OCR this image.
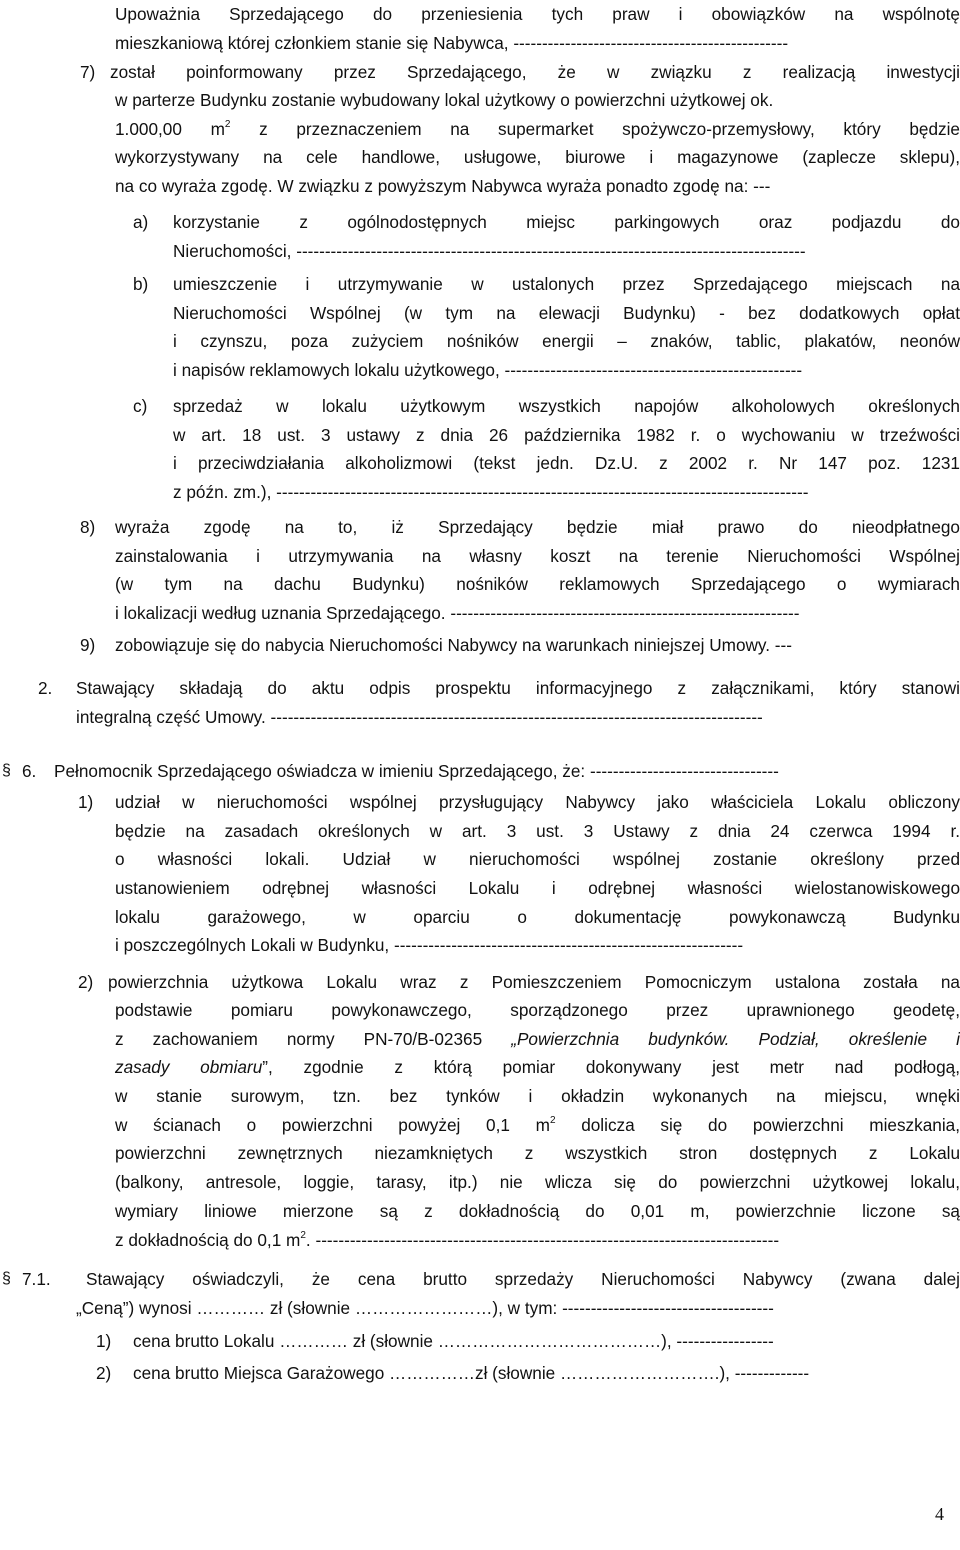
Upoważnia Sprzedającego do przeniesienia tych praw i obowiązków na wspólnotę
mieszkaniową której członkiem stanie się Nabywca, ------------------------------------------------
7) został poinformowany przez Sprzedającego, że w związku z realizacją inwestycji
w parterze Budynku zostanie wybudowany lokal użytkowy o powierzchni użytkowej ok.
1.000,00 $m^2$ z przeznaczeniem na supermarket spożywczo-przemysłowy, który będzie
wykorzystywany na cele handlowe, usługowe, biurowe i magazynowe (zaplecze sklepu),
na co wyraża zgodę. W związku z powyższym Nabywca wyraża ponadto zgodę na: ---
a) korzystanie z ogólnodostępnych miejsc parkingowych oraz podjazdu do
Nieruchomości, -----------------------------------------------------------------------------------------
b) umieszczenie i utrzymywanie w ustalonych przez Sprzedającego miejscach na
Nieruchomości Wspólnej (w tym na elewacji Budynku) - bez dodatkowych opłat
i czynszu, poza zużyciem nośników energii – znaków, tablic, plakatów, neonów
i napisów reklamowych lokalu użytkowego, ----------------------------------------------------
c) sprzedaż w lokalu użytkowym wszystkich napojów alkoholowych określonych
w art. 18 ust. 3 ustawy z dnia 26 października 1982 r. o wychowaniu w trzeźwości
i przeciwdziałania alkoholizmowi (tekst jedn. Dz.U. z 2002 r. Nr 147 poz. 1231
z późn. zm.), ---------------------------------------------------------------------------------------------
8) wyraża zgodę na to, iż Sprzedający będzie miał prawo do nieodpłatnego
zainstalowania i utrzymywania na własny koszt na terenie Nieruchomości Wspólnej
(w tym na dachu Budynku) nośników reklamowych Sprzedającego o wymiarach
i lokalizacji według uznania Sprzedającego. -------------------------------------------------------------
9) zobowiązuje się do nabycia Nieruchomości Nabywcy na warunkach niniejszej Umowy. ---
2. Stawający składają do aktu odpis prospektu informacyjnego z załącznikami, który stanowi
integralną część Umowy. --------------------------------------------------------------------------------------
§ 6. Pełnomocnik Sprzedającego oświadcza w imieniu Sprzedającego, że: ---------------------------------
1) udział w nieruchomości wspólnej przysługujący Nabywcy jako właściciela Lokalu obliczony
będzie na zasadach określonych w art. 3 ust. 3 Ustawy z dnia 24 czerwca 1994 r.
o własności lokali. Udział w nieruchomości wspólnej zostanie określony przed
ustanowieniem odrębnej własności Lokalu i odrębnej własności wielostanowiskowego
lokalu garażowego, w oparciu o dokumentację powykonawczą Budynku
i poszczególnych Lokali w Budynku, -------------------------------------------------------------
2) powierzchnia użytkowa Lokalu wraz z Pomieszczeniem Pomocniczym ustalona została na
podstawie pomiaru powykonawczego, sporządzonego przez uprawnionego geodetę,
z zachowaniem normy PN-70/B-02365 „Powierzchnia budynków. Podział, określenie i
zasady obmiaru”, zgodnie z którą pomiar dokonywany jest metr nad podłogą,
w stanie surowym, tzn. bez tynków i okładzin wykonanych na miejscu, wnęki
w ścianach o powierzchni powyżej 0,1 $m^2$ dolicza się do powierzchni mieszkania,
powierzchni zewnętrznych niezamkniętych z wszystkich stron dostępnych z Lokalu
(balkony, antresole, loggie, tarasy, itp.) nie wlicza się do powierzchni użytkowej lokalu,
wymiary liniowe mierzone są z dokładnością do 0,01 m, powierzchnie liczone są
z dokładnością do 0,1 $m^2$. ---------------------------------------------------------------------------------
§ 7.1. Stawający oświadczyli, że cena brutto sprzedaży Nieruchomości Nabywcy (zwana dalej
„Ceną”) wynosi ………… zł (słownie ……………………), w tym: -------------------------------------
1) cena brutto Lokalu ………… zł (słownie …………………………………), -----------------
2) cena brutto Miejsca Garażowego ……………zł (słownie ……………………….), -------------
4
